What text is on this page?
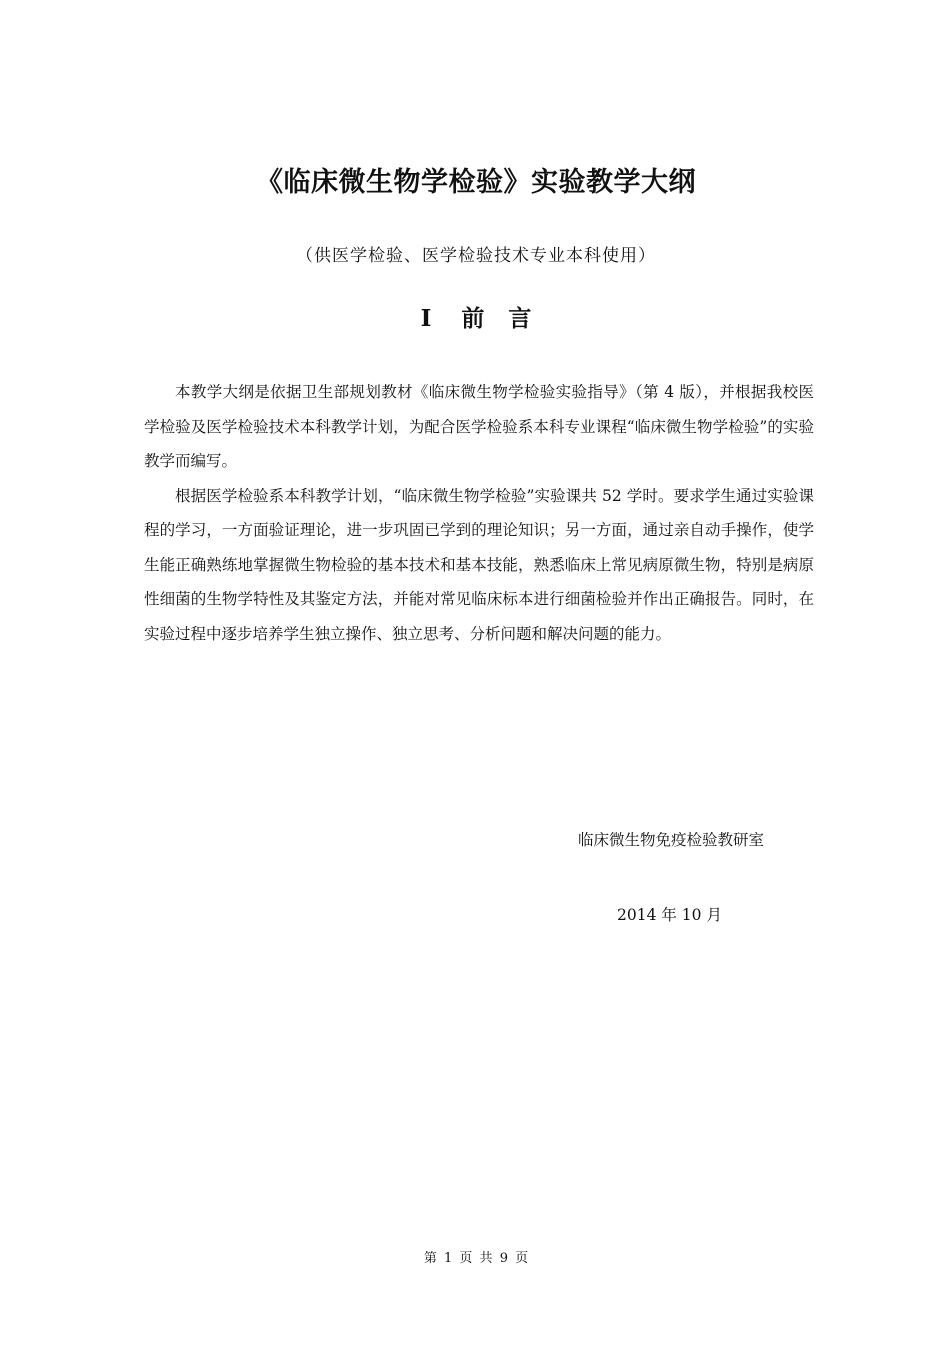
《临床微生物学检验》实验教学大纲

（供医学检验、医学检验技术专业本科使用）

I 前 言

本教学大纲是依据卫生部规划教材《临床微生物学检验实验指导》（第 4 版），并根据我校医学检验及医学检验技术本科教学计划，为配合医学检验系本科专业课程“临床微生物学检验”的实验教学而编写。

根据医学检验系本科教学计划，“临床微生物学检验”实验课共 52 学时。要求学生通过实验课程的学习，一方面验证理论，进一步巩固已学到的理论知识；另一方面，通过亲自动手操作，使学生能正确熟练地掌握微生物检验的基本技术和基本技能，熟悉临床上常见病原微生物，特别是病原性细菌的生物学特性及其鉴定方法，并能对常见临床标本进行细菌检验并作出正确报告。同时，在实验过程中逐步培养学生独立操作、独立思考、分析问题和解决问题的能力。

临床微生物免疫检验教研室

2014 年 10 月

第 1 页 共 9 页
